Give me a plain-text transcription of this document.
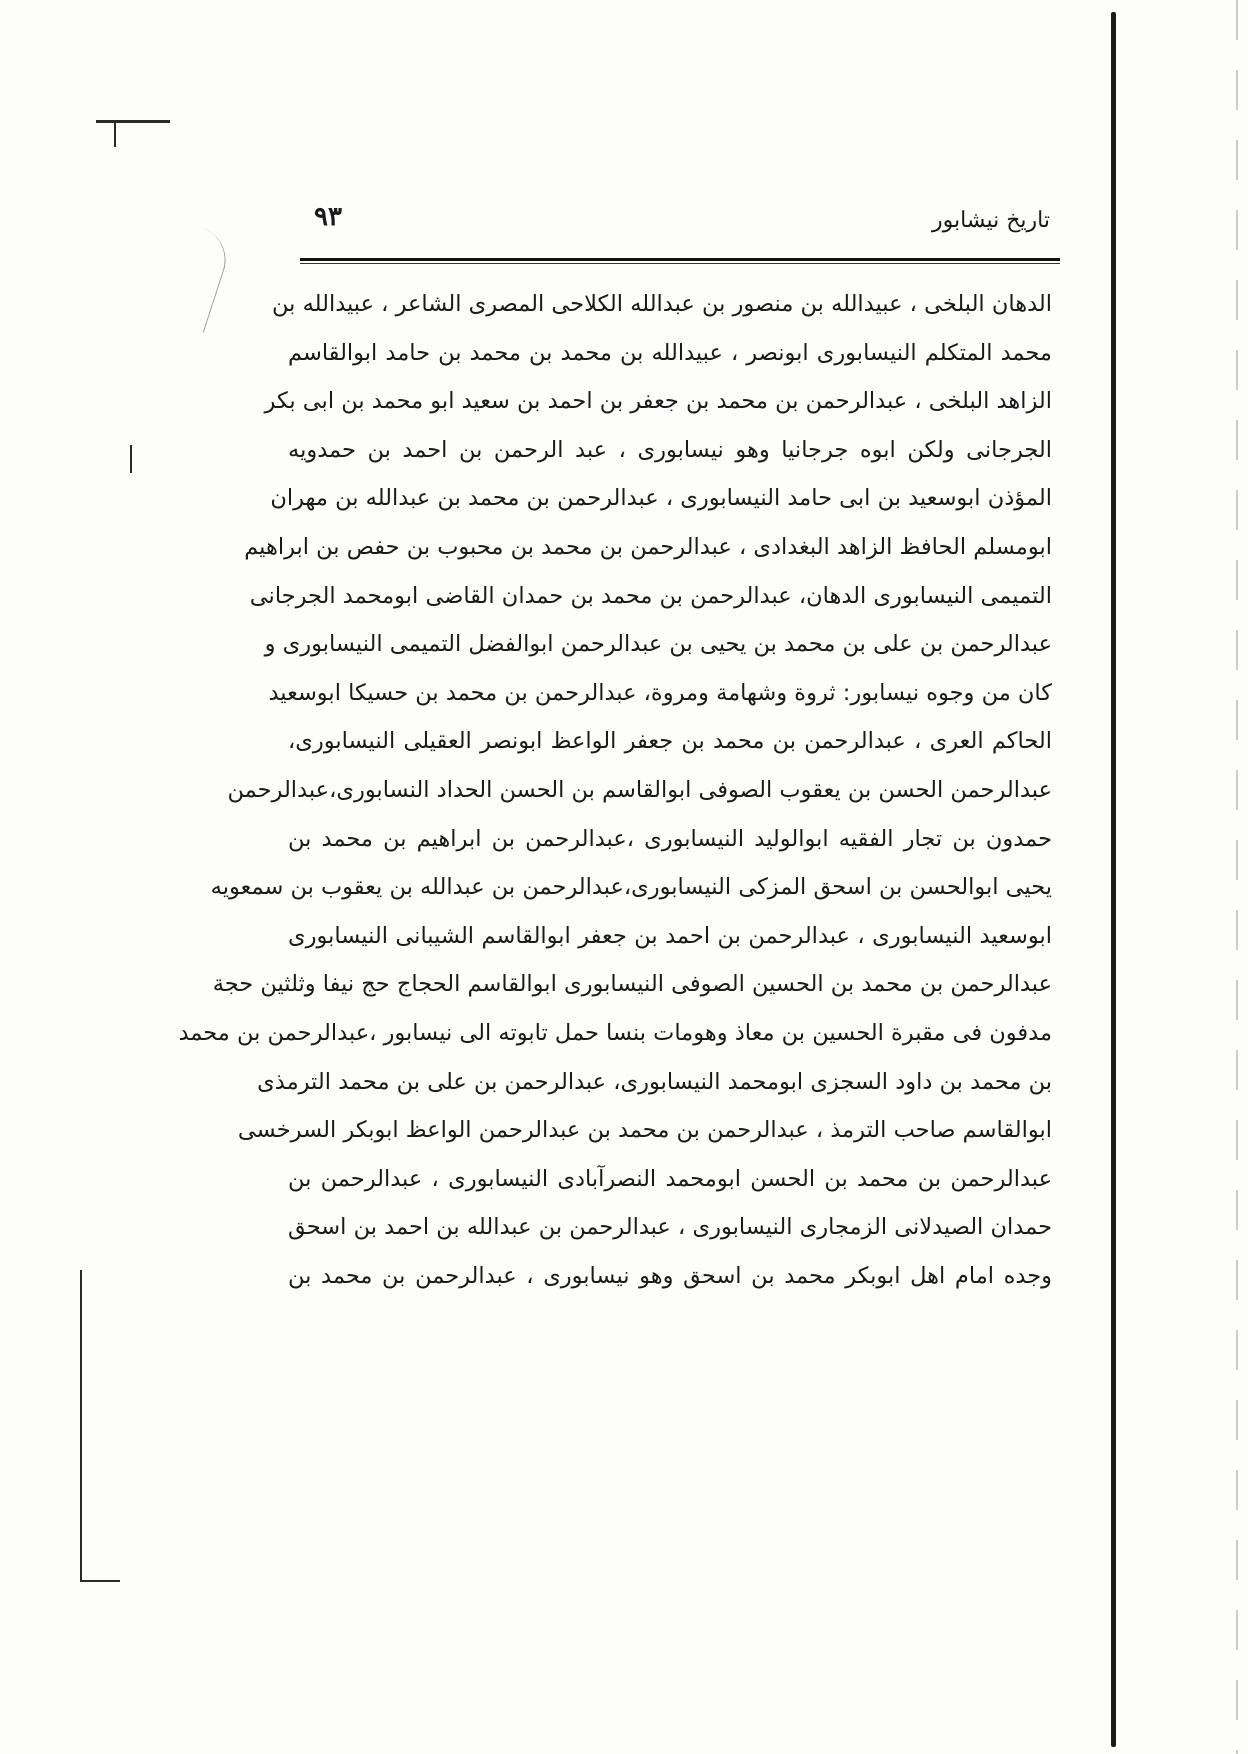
۹۳	تاریخ نیشابور
الدهان البلخی ، عبیدالله بن منصور بن عبدالله الکلاحی المصری الشاعر ، عبیدالله بن
محمد المتکلم النیسابوری ابونصر ، عبیدالله بن محمد بن محمد بن حامد ابوالقاسم
الزاهد البلخی ، عبدالرحمن بن محمد بن جعفر بن احمد بن سعید ابو محمد بن ابی بکر
الجرجانی ولکن ابوه جرجانیا وهو نیسابوری ، عبد الرحمن بن احمد بن حمدویه
المؤذن ابوسعید بن ابی حامد النیسابوری ، عبدالرحمن بن محمد بن عبدالله بن مهران
ابومسلم الحافظ الزاهد البغدادی ، عبدالرحمن بن محمد بن محبوب بن حفص بن ابراهیم
التمیمی النیسابوری الدهان، عبدالرحمن بن محمد بن حمدان القاضی ابومحمد الجرجانی
عبدالرحمن بن علی بن محمد بن یحیی بن عبدالرحمن ابوالفضل التمیمی النیسابوری و
کان من وجوه نیسابور: ثروة وشهامة ومروة، عبدالرحمن بن محمد بن حسیکا ابوسعید
الحاکم العری ، عبدالرحمن بن محمد بن جعفر الواعظ ابونصر العقیلی النیسابوری،
عبدالرحمن الحسن بن یعقوب الصوفی ابوالقاسم بن الحسن الحداد النسابوری،عبدالرحمن
حمدون بن تجار الفقیه ابوالولید النیسابوری ،عبدالرحمن بن ابراهیم بن محمد بن
یحیی ابوالحسن بن اسحق المزکی النیسابوری،عبدالرحمن بن عبدالله بن یعقوب بن سمعویه
ابوسعید النیسابوری ، عبدالرحمن بن احمد بن جعفر ابوالقاسم الشیبانی النیسابوری
عبدالرحمن بن محمد بن الحسین الصوفی النیسابوری ابوالقاسم الحجاج حج نیفا وثلثین حجة
مدفون فی مقبرة الحسین بن معاذ وهومات بنسا حمل تابوته الی نیسابور ،عبدالرحمن بن محمد
بن محمد بن داود السجزی ابومحمد النیسابوری، عبدالرحمن بن علی بن محمد الترمذی
ابوالقاسم صاحب الترمذ ، عبدالرحمن بن محمد بن عبدالرحمن الواعظ ابوبکر السرخسی
عبدالرحمن بن محمد بن الحسن ابومحمد النصرآبادی النیسابوری ، عبدالرحمن بن
حمدان الصیدلانی الزمجاری النیسابوری ، عبدالرحمن بن عبدالله بن احمد بن اسحق
وجده امام اهل ابوبکر محمد بن اسحق وهو نیسابوری ، عبدالرحمن بن محمد بن
